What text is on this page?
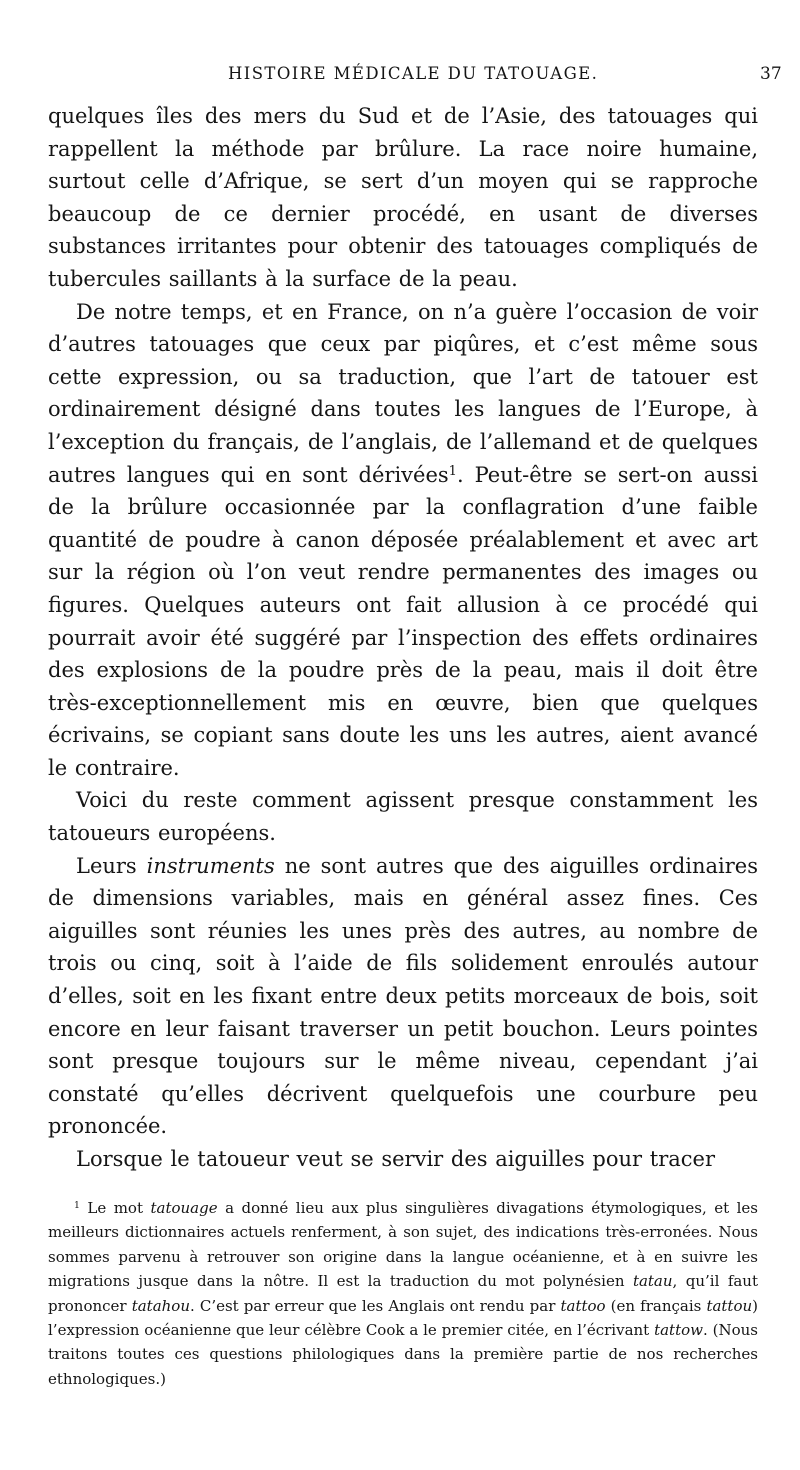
HISTOIRE MÉDICALE DU TATOUAGE.	37

quelques îles des mers du Sud et de l’Asie, des tatouages qui rappellent la méthode par brûlure. La race noire humaine, surtout celle d’Afrique, se sert d’un moyen qui se rapproche beaucoup de ce dernier procédé, en usant de diverses substances irritantes pour obtenir des tatouages compliqués de tubercules saillants à la surface de la peau.

De notre temps, et en France, on n’a guère l’occasion de voir d’autres tatouages que ceux par piqûres, et c’est même sous cette expression, ou sa traduction, que l’art de tatouer est ordinairement désigné dans toutes les langues de l’Europe, à l’exception du français, de l’anglais, de l’allemand et de quelques autres langues qui en sont dérivées$^1$. Peut-être se sert-on aussi de la brûlure occasionnée par la conflagration d’une faible quantité de poudre à canon déposée préalablement et avec art sur la région où l’on veut rendre permanentes des images ou figures. Quelques auteurs ont fait allusion à ce procédé qui pourrait avoir été suggéré par l’inspection des effets ordinaires des explosions de la poudre près de la peau, mais il doit être très-exceptionnellement mis en œuvre, bien que quelques écrivains, se copiant sans doute les uns les autres, aient avancé le contraire.

Voici du reste comment agissent presque constamment les tatoueurs européens.

Leurs instruments ne sont autres que des aiguilles ordinaires de dimensions variables, mais en général assez fines. Ces aiguilles sont réunies les unes près des autres, au nombre de trois ou cinq, soit à l’aide de fils solidement enroulés autour d’elles, soit en les fixant entre deux petits morceaux de bois, soit encore en leur faisant traverser un petit bouchon. Leurs pointes sont presque toujours sur le même niveau, cependant j’ai constaté qu’elles décrivent quelquefois une courbure peu prononcée.

Lorsque le tatoueur veut se servir des aiguilles pour tracer

$^1$ Le mot tatouage a donné lieu aux plus singulières divagations étymologiques, et les meilleurs dictionnaires actuels renferment, à son sujet, des indications très-erronées. Nous sommes parvenu à retrouver son origine dans la langue océanienne, et à en suivre les migrations jusque dans la nôtre. Il est la traduction du mot polynésien tatau, qu’il faut prononcer tatahou. C’est par erreur que les Anglais ont rendu par tattoo (en français tattou) l’expression océanienne que leur célèbre Cook a le premier citée, en l’écrivant tattow. (Nous traitons toutes ces questions philologiques dans la première partie de nos recherches ethnologiques.)
